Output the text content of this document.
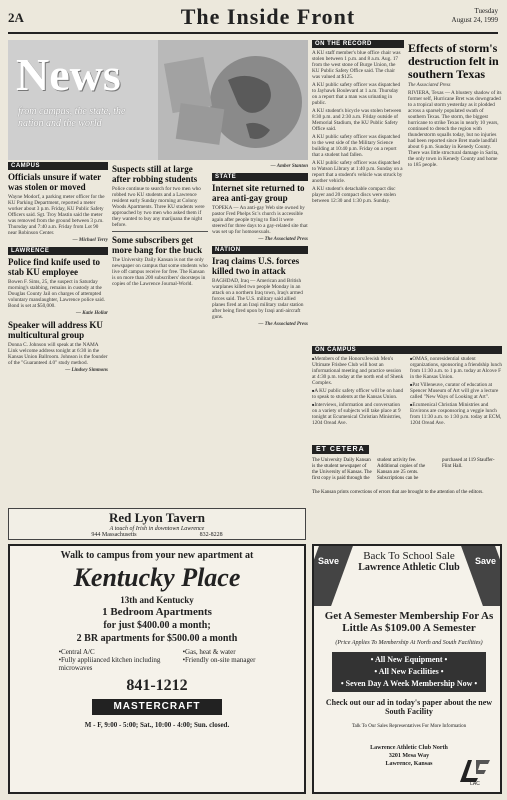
2A	The Inside Front	Tuesday
August 24, 1999
News
from campus, the state, the nation and the world
CAMPUS
Officials unsure if water was stolen or moved
Wayne Modorf, a parking meter officer for the KU Parking Department, reported a meter worker about 3 p.m. Friday, KU Public Safety Officers said. Sgt. Troy Mastin said the meter was removed from the ground between 3 p.m. Thursday and 7:40 a.m. Friday from Lot 90 near Robinson Center.
— Michael Terry
LAWRENCE
Police find knife used to stab KU employee
Bowen F. Sims, 25, the suspect in Saturday morning's stabbing, remains in custody at the Douglas County Jail on charges of attempted voluntary manslaughter, Lawrence police said. Bond is set at $50,000.
— Katie Hollar
Speaker will address KU multicultural group
Donna C. Johnson will speak at the NAMA Link welcome address tonight at 6:30 in the Kansas Union Ballroom. Johnson is the founder of the "Guaranteed 4.0" study method.
— Lindsey Simmons
Suspects still at large after robbing students
Police continue to search for two men who robbed two KU students and a Lawrence resident early Sunday morning at Colony Woods Apartments. Three KU students were approached by two men who asked them if they wanted to buy any marijuana the night before.
Some subscribers get more bang for the buck
The University Daily Kansan is not the only newspaper on campus that some students who live off campus receive for free. The Kansan is on more than 200 subscribers' doorsteps in copies of the Lawrence Journal-World.
— Amber Stanton
STATE
Internet site returned to area anti-gay group
TOPEKA — An anti-gay Web site owned by pastor Fred Phelps Sr.'s church is accessible again after people trying to find it were steered for three days to a gay-related site that was set up for homosexuals.
— The Associated Press
NATION
Iraq claims U.S. forces killed two in attack
BAGHDAD, Iraq — American and British warplanes killed two people Monday in an attack on a northern Iraq town, Iraq's armed forces said. The U.S. military said allied planes fired at an Iraqi military radar station after being fired upon by Iraqi anti-aircraft guns.
— The Associated Press
ON THE RECORD
A KU staff member's blue office chair was stolen between 1 p.m. and 8 a.m. Aug. 17 from the west stone of Burge Union, the KU Public Safety Office said. The chair was valued at $125.
A KU public safety officer was dispatched to Jayhawk Boulevard at 1 a.m. Thursday on a report that a man was urinating in public.
A KU student's bicycle was stolen between 8:30 p.m. and 2:30 a.m. Friday outside of Memorial Stadium, the KU Public Safety Office said.
A KU public safety officer was dispatched to the west side of the Military Science building at 10:40 p.m. Friday on a report that a student had fallen.
A KU public safety officer was dispatched to Watson Library at 1:40 p.m. Sunday on a report that a student's vehicle was struck by another vehicle.
A KU student's detachable compact disc player and 20 compact discs were stolen between 12:30 and 1:30 p.m. Sunday.
Effects of storm's destruction felt in southern Texas
The Associated Press
RIVIERA, Texas — A blustery shadow of its former self, Hurricane Bret was downgraded to a tropical storm yesterday as it plodded across a sparsely populated swath of southern Texas. The storm, the biggest hurricane to strike Texas in nearly 10 years, continued to drench the region with thunderstorm squalls today, but no injuries had been reported since Bret made landfall about 6 p.m. Sunday in Kenedy County. There was little structural damage in Sarita, the only town in Kenedy County and home to 185 people.
ON CAMPUS
■ Members of the Honors/Jewish Men's Ultimate Frisbee Club will host an informational meeting and practice session at 4:30 p.m. today at the north end of Shenk Complex.
■ A KU public safety officer will be on hand to speak to students at the Kansas Union.
■ Interviews, information and conversation on a variety of subjects will take place at 9 tonight at Ecumenical Christian Ministries, 1204 Oread Ave.
■ OMAS, nonresidential student organizations, sponsoring a friendship lunch from 11:30 a.m. to 1 p.m. today at Alcove F in the Kansas Union.
■ Pat Villeneuve, curator of education at Spencer Museum of Art will give a lecture called "New Ways of Looking at Art".
■ Ecumenical Christian Ministries and Environs are cosponsoring a veggie lunch from 11:30 a.m. to 1:30 p.m. today at ECM, 1204 Oread Ave.
ET CETERA
The University Daily Kansan is the student newspaper of the University of Kansas. The first copy is paid through the student activity fee. Additional copies of the Kansan are 25 cents. Subscriptions can be purchased at 119 Stauffer-Flint Hall.
The Kansan prints corrections of errors that are brought to the attention of the editors.
Red Lyon Tavern
A touch of Irish in downtown Lawrence
944 Massachusetts	832-8228
Walk to campus from your new apartment at
Kentucky Place
13th and Kentucky
1 Bedroom Apartments
for just $400.00 a month;
2 BR apartments for $500.00 a month
•Central A/C
•Fully appliianced kitchen including microwaves
•Gas, heat & water
•Friendly on-site manager
841-1212
MASTERCRAFT
M - F, 9:00 - 5:00; Sat., 10:00 - 4:00; Sun. closed.
Save	Save
Back To School Sale
Lawrence Athletic Club
Get A Semester Membership For As Little As $109.00 A Semester
(Price Applies To Membership At North and South Facilities)
• All New Equipment •
• All New Facilities •
• Seven Day A Week Membership Now •
Check out our ad in today's paper about the new South Facility
Talk To Our Sales Representatives For More Information
Lawrence Athletic Club North
3201 Mesa Way
Lawrence, Kansas
LAC
